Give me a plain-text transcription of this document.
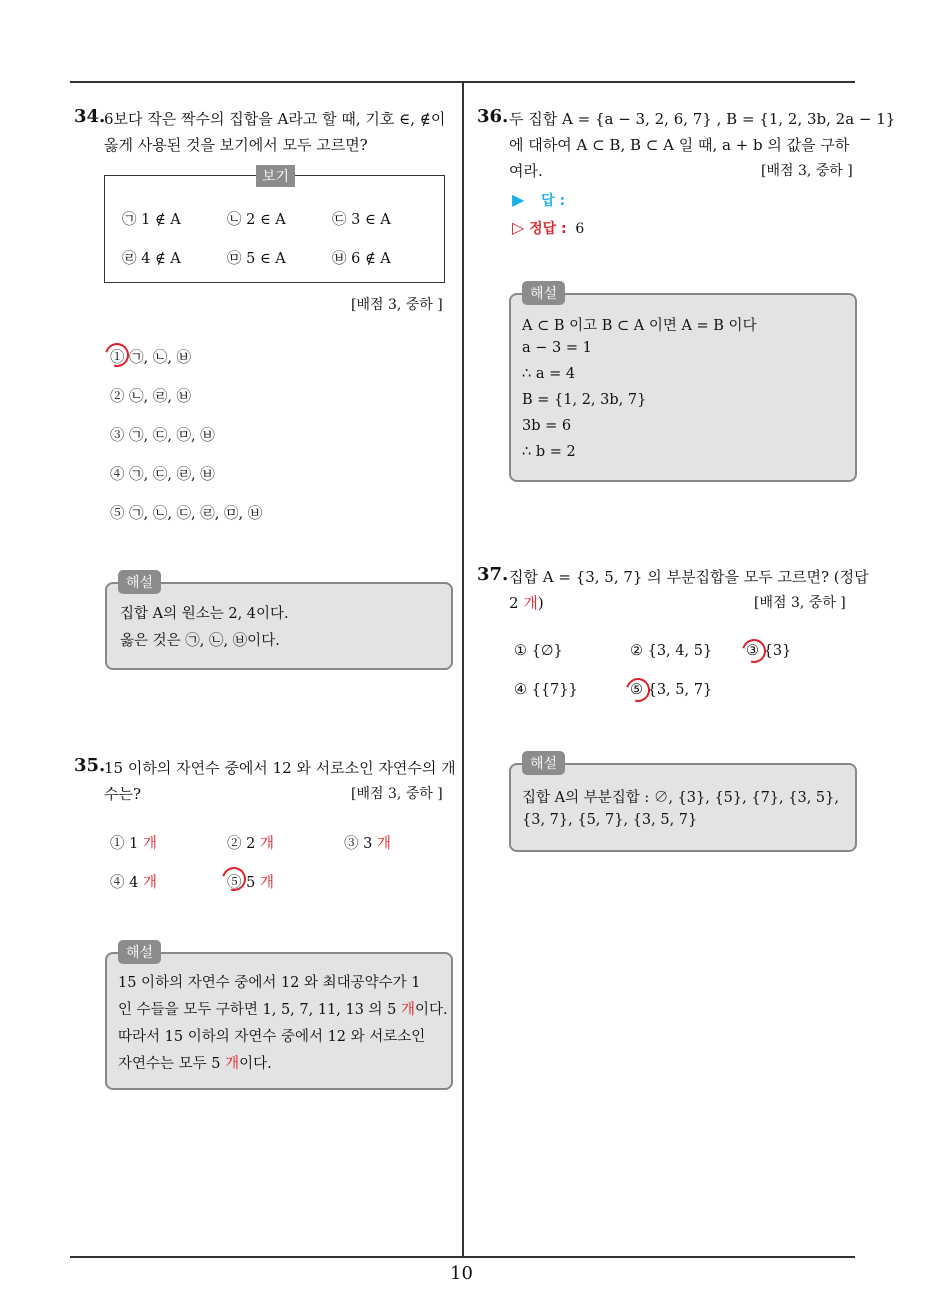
10
34.
6보다 작은 짝수의 집합을 A라고 할 때, 기호 ∈, ∉이
옳게 사용된 것을 보기에서 모두 고르면?
보기
㉠ 1 ∉ A	㉡ 2 ∈ A	㉢ 3 ∈ A
㉣ 4 ∉ A	㉤ 5 ∈ A	㉥ 6 ∉ A
[배점 3, 중하 ]
① ㉠, ㉡, ㉥
② ㉡, ㉣, ㉥
③ ㉠, ㉢, ㉤, ㉥
④ ㉠, ㉢, ㉣, ㉥
⑤ ㉠, ㉡, ㉢, ㉣, ㉤, ㉥
해설
집합 A의 원소는 2, 4이다.
옳은 것은 ㉠, ㉡, ㉥이다.
35.
15 이하의 자연수 중에서 12 와 서로소인 자연수의 개
수는?	[배점 3, 중하 ]
① 1 개	② 2 개	③ 3 개
④ 4 개	⑤ 5 개
해설
15 이하의 자연수 중에서 12 와 최대공약수가 1
인 수들을 모두 구하면 1, 5, 7, 11, 13 의 5 개이다.
따라서 15 이하의 자연수 중에서 12 와 서로소인
자연수는 모두 5 개이다.
36. 두 집합 A = {a − 3, 2, 6, 7} , B = {1, 2, 3b, 2a − 1}
에 대하여 A ⊂ B, B ⊂ A 일 때, a + b 의 값을 구하
여라.	[배점 3, 중하 ]
▶ 답 :
▷ 정답 : 6
해설
A ⊂ B 이고 B ⊂ A 이면 A = B 이다
a − 3 = 1
∴ a = 4
B = {1, 2, 3b, 7}
3b = 6
∴ b = 2
37. 집합 A = {3, 5, 7} 의 부분집합을 모두 고르면? (정답
2 개)	[배점 3, 중하 ]
① {∅}	② {3, 4, 5} ③ {3}
④ {{7}}	⑤ {3, 5, 7}
해설
집합 A의 부분집합 : ∅, {3}, {5}, {7}, {3, 5},
{3, 7}, {5, 7}, {3, 5, 7}
